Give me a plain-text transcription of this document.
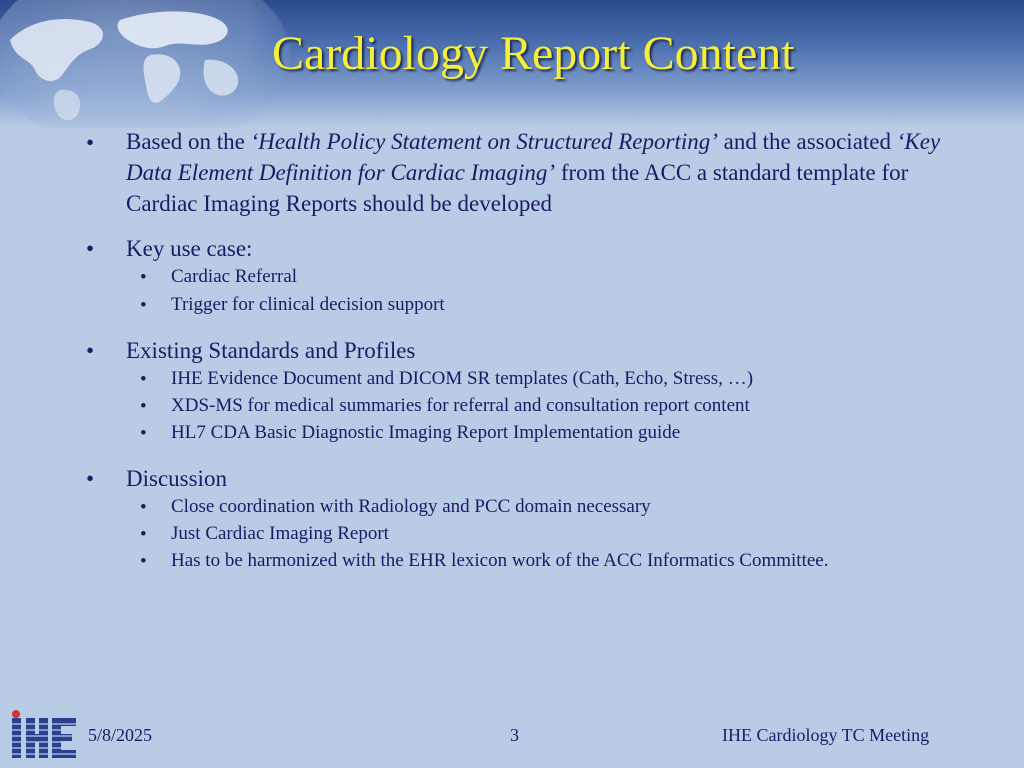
Cardiology Report Content
• Based on the ‘Health Policy Statement on Structured Reporting’ and the associated ‘Key Data Element Definition for Cardiac Imaging’ from the ACC a standard template for Cardiac Imaging Reports should be developed
• Key use case:
• Cardiac Referral
• Trigger for clinical decision support
• Existing Standards and Profiles
• IHE Evidence Document and DICOM SR templates (Cath, Echo, Stress, …)
• XDS-MS for medical summaries for referral and consultation report content
• HL7 CDA Basic Diagnostic Imaging Report Implementation guide
• Discussion
• Close coordination with Radiology and PCC domain necessary
• Just Cardiac Imaging Report
• Has to be harmonized with the EHR lexicon work of the ACC Informatics Committee.
5/8/2025	3	IHE Cardiology TC Meeting
